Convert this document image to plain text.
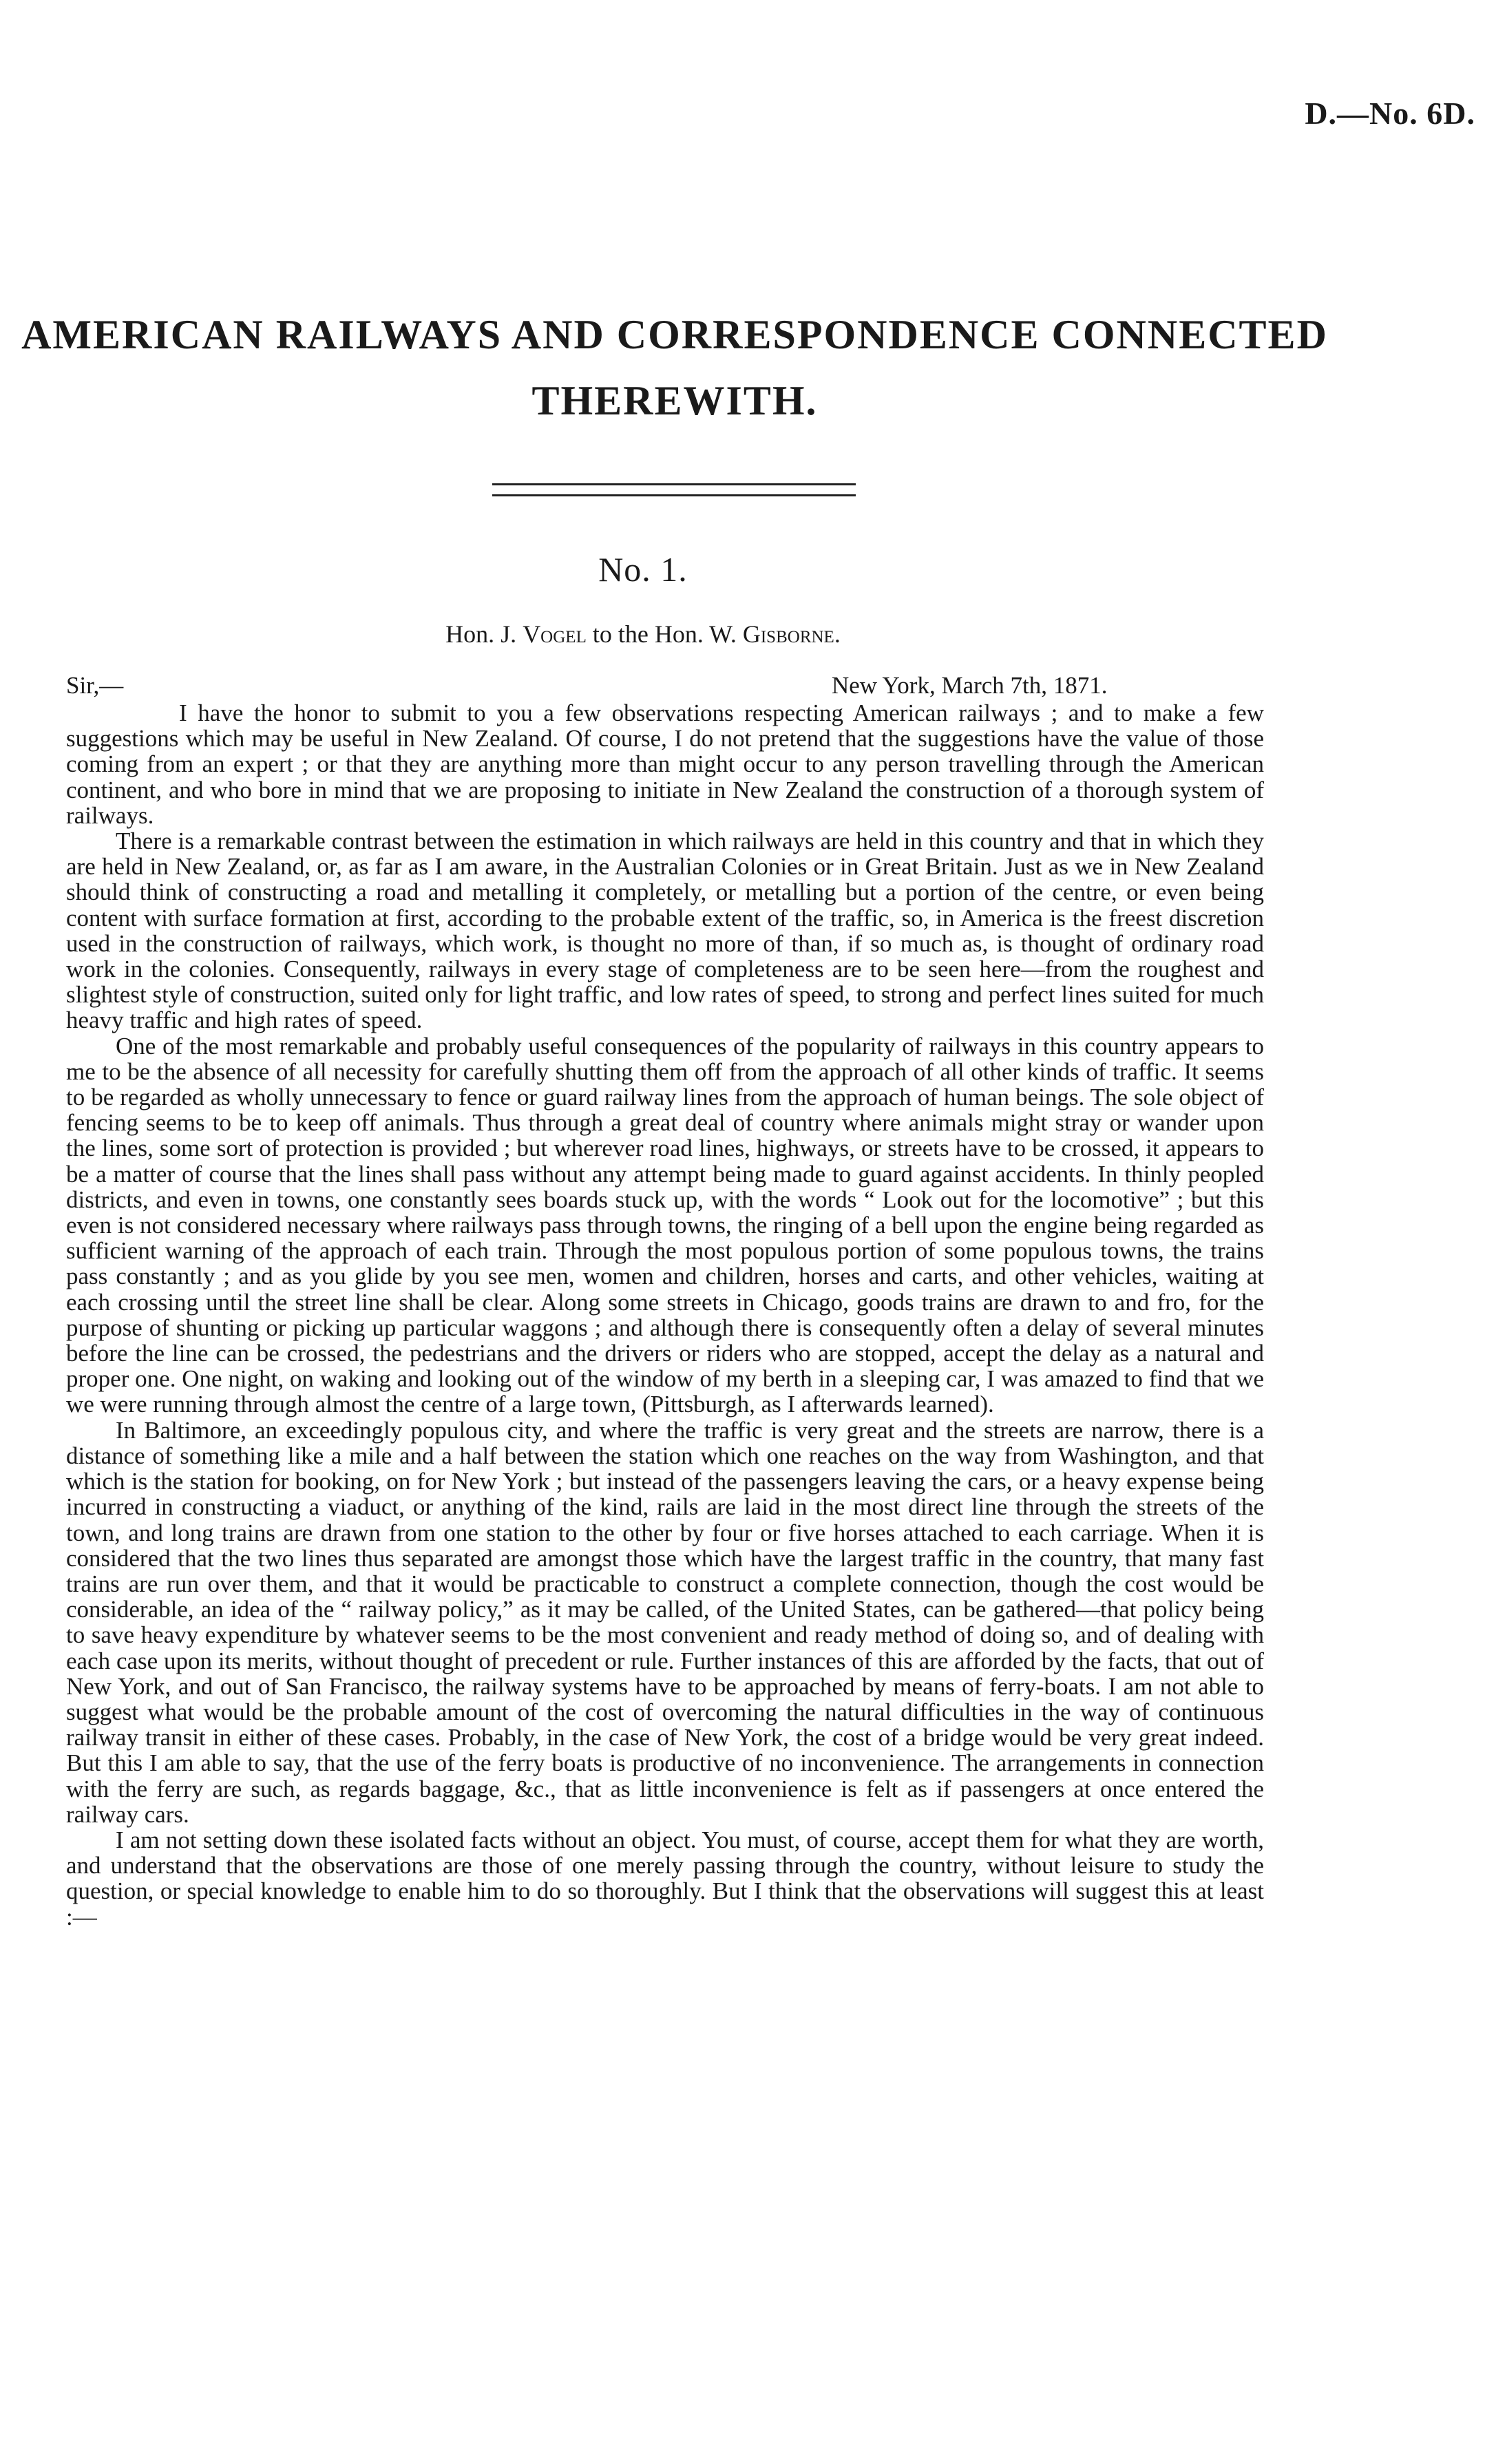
D.—No. 6D.
AMERICAN RAILWAYS AND CORRESPONDENCE CONNECTED
THEREWITH.
No. 1.
Hon. J. Vogel to the Hon. W. Gisborne.
Sir,—	New York, March 7th, 1871.

I have the honor to submit to you a few observations respecting American railways ; and to make a few suggestions which may be useful in New Zealand. Of course, I do not pretend that the suggestions have the value of those coming from an expert ; or that they are anything more than might occur to any person travelling through the American continent, and who bore in mind that we are proposing to initiate in New Zealand the construction of a thorough system of railways.

There is a remarkable contrast between the estimation in which railways are held in this country and that in which they are held in New Zealand, or, as far as I am aware, in the Australian Colonies or in Great Britain. Just as we in New Zealand should think of constructing a road and metalling it completely, or metalling but a portion of the centre, or even being content with surface formation at first, according to the probable extent of the traffic, so, in America is the freest discretion used in the construction of railways, which work, is thought no more of than, if so much as, is thought of ordinary road work in the colonies. Consequently, railways in every stage of completeness are to be seen here—from the roughest and slightest style of construction, suited only for light traffic, and low rates of speed, to strong and perfect lines suited for much heavy traffic and high rates of speed.

One of the most remarkable and probably useful consequences of the popularity of railways in this country appears to me to be the absence of all necessity for carefully shutting them off from the approach of all other kinds of traffic. It seems to be regarded as wholly unnecessary to fence or guard railway lines from the approach of human beings. The sole object of fencing seems to be to keep off animals. Thus through a great deal of country where animals might stray or wander upon the lines, some sort of protection is provided ; but wherever road lines, highways, or streets have to be crossed, it appears to be a matter of course that the lines shall pass without any attempt being made to guard against accidents. In thinly peopled districts, and even in towns, one constantly sees boards stuck up, with the words “ Look out for the locomotive” ; but this even is not considered necessary where railways pass through towns, the ringing of a bell upon the engine being regarded as sufficient warning of the approach of each train. Through the most populous portion of some populous towns, the trains pass constantly ; and as you glide by you see men, women and children, horses and carts, and other vehicles, waiting at each crossing until the street line shall be clear. Along some streets in Chicago, goods trains are drawn to and fro, for the purpose of shunting or picking up particular waggons ; and although there is consequently often a delay of several minutes before the line can be crossed, the pedestrians and the drivers or riders who are stopped, accept the delay as a natural and proper one. One night, on waking and looking out of the window of my berth in a sleeping car, I was amazed to find that we we were running through almost the centre of a large town, (Pittsburgh, as I afterwards learned).

In Baltimore, an exceedingly populous city, and where the traffic is very great and the streets are narrow, there is a distance of something like a mile and a half between the station which one reaches on the way from Washington, and that which is the station for booking, on for New York ; but instead of the passengers leaving the cars, or a heavy expense being incurred in constructing a viaduct, or anything of the kind, rails are laid in the most direct line through the streets of the town, and long trains are drawn from one station to the other by four or five horses attached to each carriage. When it is considered that the two lines thus separated are amongst those which have the largest traffic in the country, that many fast trains are run over them, and that it would be practicable to construct a complete connection, though the cost would be considerable, an idea of the “ railway policy,” as it may be called, of the United States, can be gathered—that policy being to save heavy expenditure by whatever seems to be the most convenient and ready method of doing so, and of dealing with each case upon its merits, without thought of precedent or rule. Further instances of this are afforded by the facts, that out of New York, and out of San Francisco, the railway systems have to be approached by means of ferry-boats. I am not able to suggest what would be the probable amount of the cost of overcoming the natural difficulties in the way of continuous railway transit in either of these cases. Probably, in the case of New York, the cost of a bridge would be very great indeed. But this I am able to say, that the use of the ferry boats is productive of no inconvenience. The arrangements in connection with the ferry are such, as regards baggage, &c., that as little inconvenience is felt as if passengers at once entered the railway cars.

I am not setting down these isolated facts without an object. You must, of course, accept them for what they are worth, and understand that the observations are those of one merely passing through the country, without leisure to study the question, or special knowledge to enable him to do so thoroughly. But I think that the observations will suggest this at least :—
